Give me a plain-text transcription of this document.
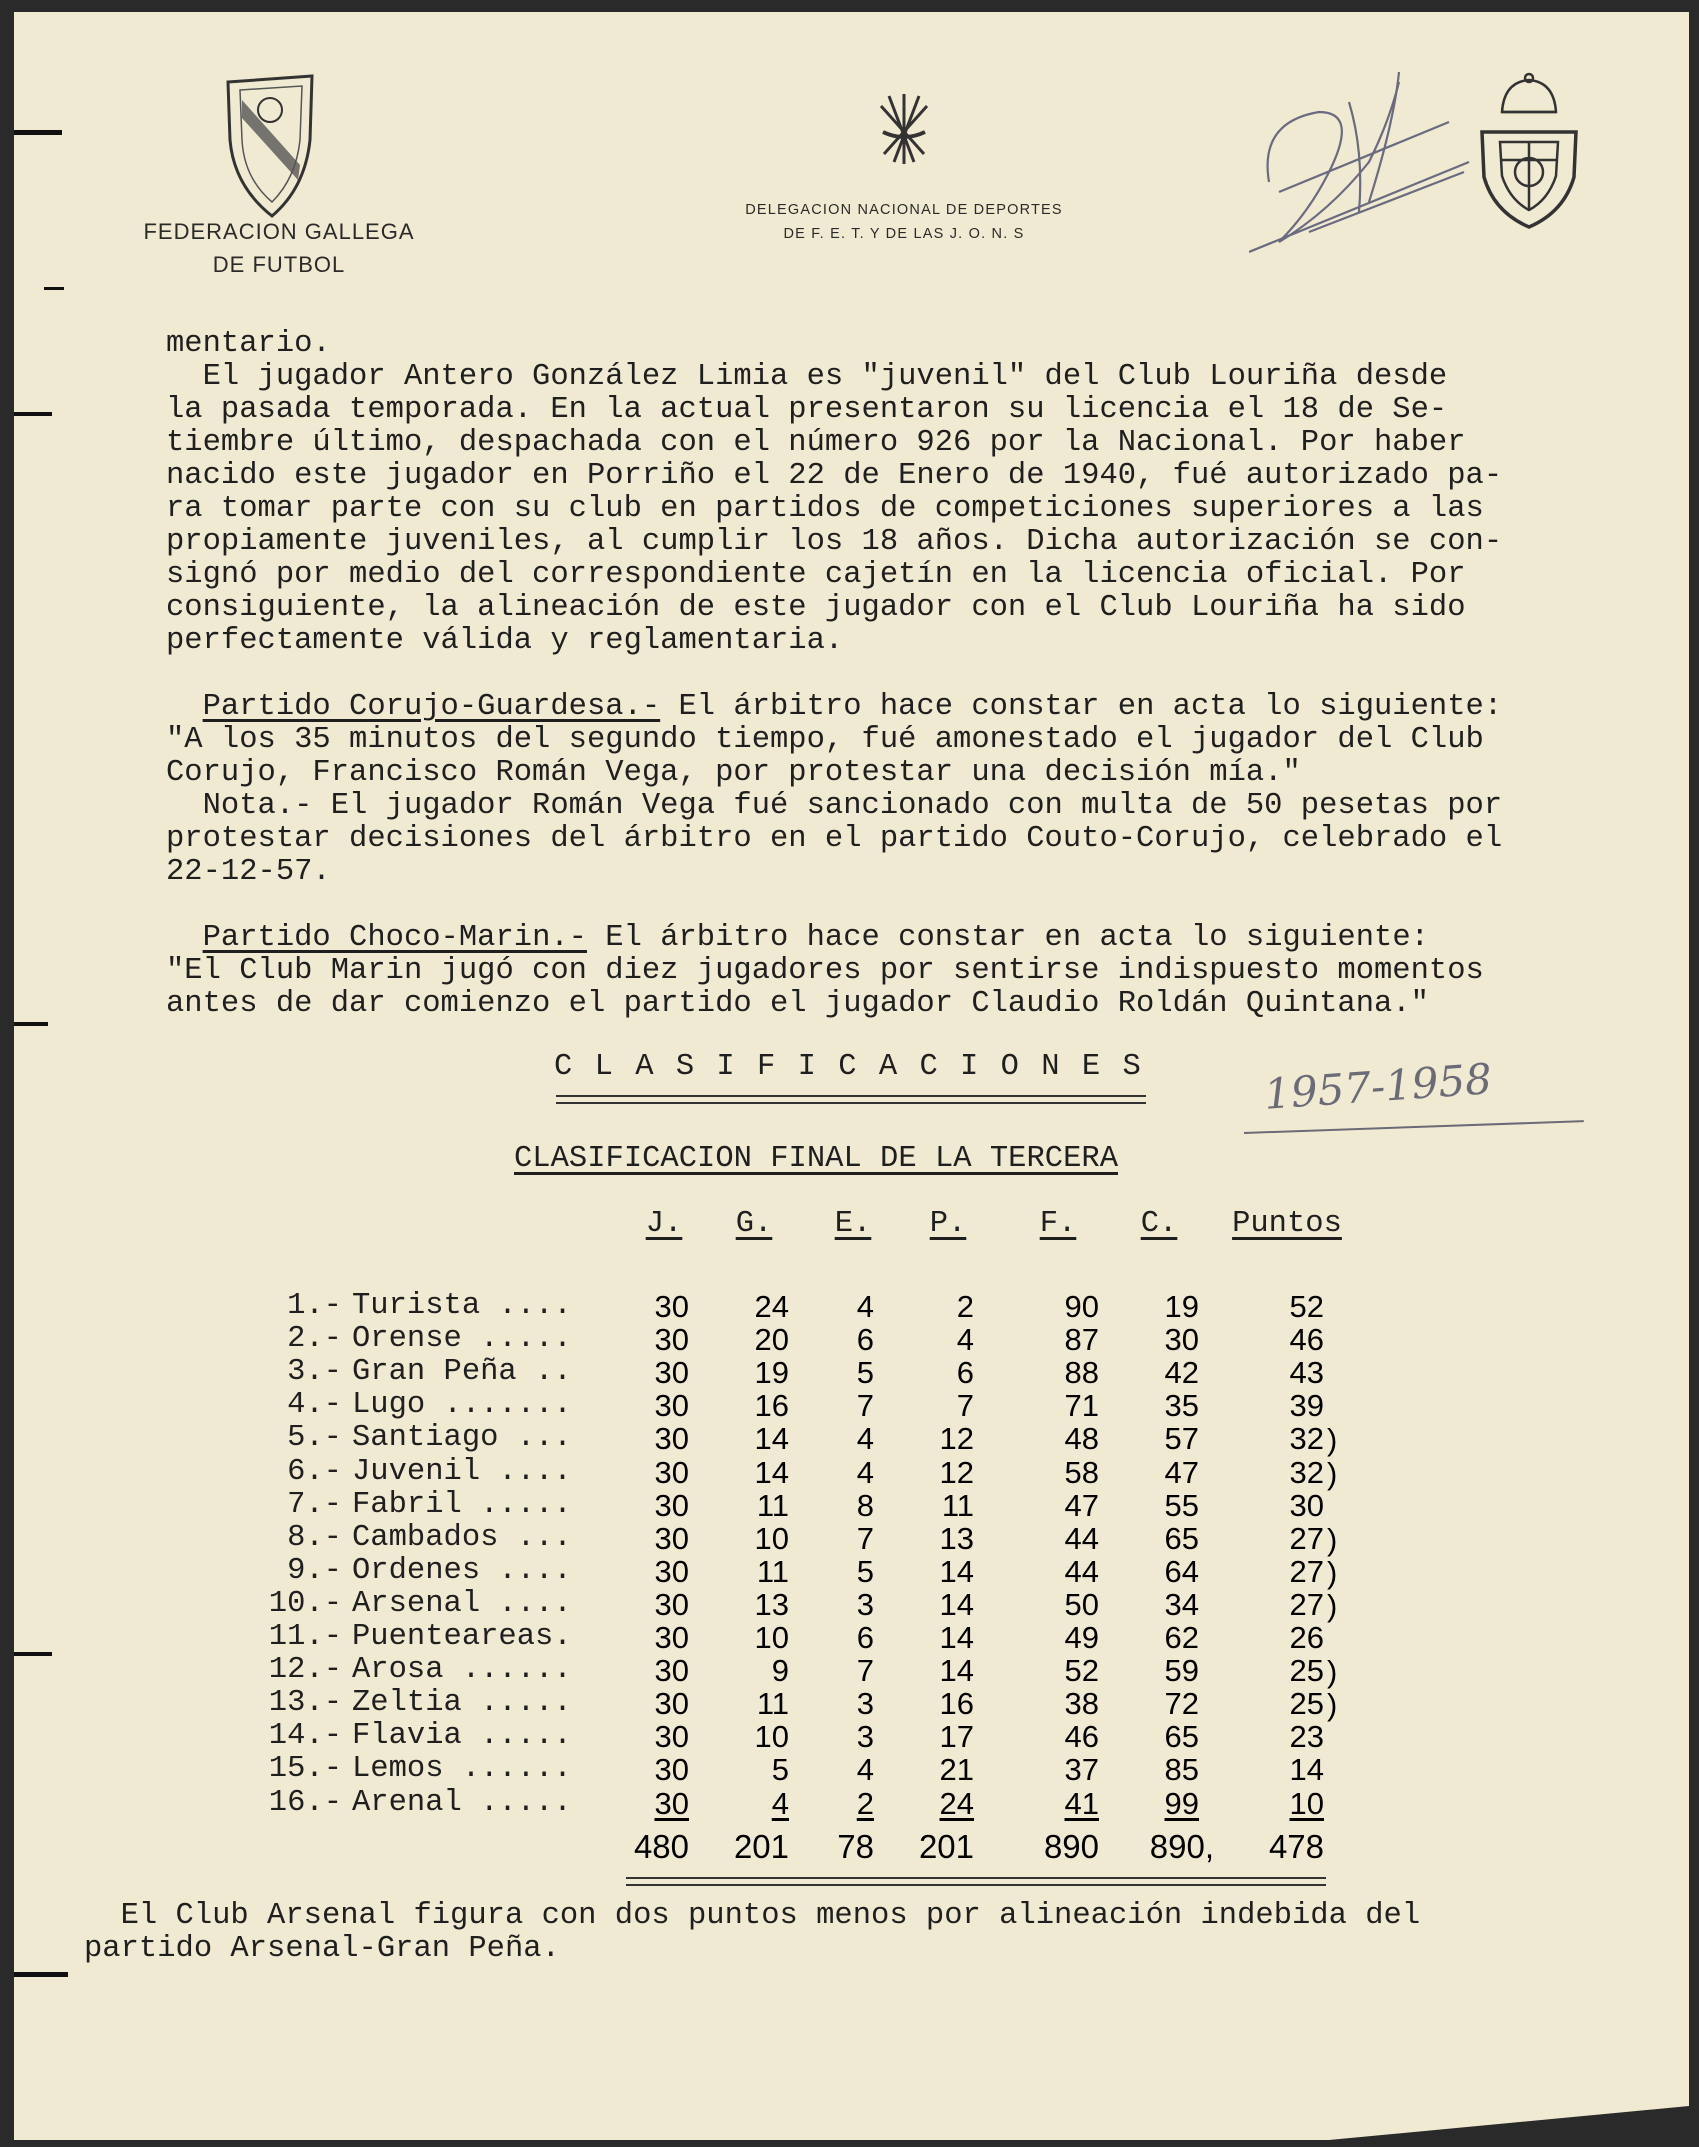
FEDERACION GALLEGA
DE FUTBOL
DELEGACION NACIONAL DE DEPORTES
DE F. E. T. Y DE LAS J. O. N. S
mentario.
El jugador Antero González Limia es "juvenil" del Club Louriña desde
la pasada temporada. En la actual presentaron su licencia el 18 de Se-
tiembre último, despachada con el número 926 por la Nacional. Por haber
nacido este jugador en Porriño el 22 de Enero de 1940, fué autorizado pa-
ra tomar parte con su club en partidos de competiciones superiores a las
propiamente juveniles, al cumplir los 18 años. Dicha autorización se con-
signó por medio del correspondiente cajetín en la licencia oficial. Por
consiguiente, la alineación de este jugador con el Club Louriña ha sido
perfectamente válida y reglamentaria.
Partido Corujo-Guardesa.- El árbitro hace constar en acta lo siguiente:
"A los 35 minutos del segundo tiempo, fué amonestado el jugador del Club
Corujo, Francisco Román Vega, por protestar una decisión mía."
Nota.- El jugador Román Vega fué sancionado con multa de 50 pesetas por
protestar decisiones del árbitro en el partido Couto-Corujo, celebrado el
22-12-57.
Partido Choco-Marin.- El árbitro hace constar en acta lo siguiente:
"El Club Marin jugó con diez jugadores por sentirse indispuesto momentos
antes de dar comienzo el partido el jugador Claudio Roldán Quintana."
C L A S I F I C A C I O N E S	1957-1958
CLASIFICACION FINAL DE LA TERCERA
J.	G.	E.	P.	F.	C.	Puntos
1.- Turista ....	30	24	4	2	90	19	52
2.- Orense .....	30	20	6	4	87	30	46
3.- Gran Peña ..	30	19	5	6	88	42	43
4.- Lugo .......	30	16	7	7	71	35	39
5.- Santiago ...	30	14	4	12	48	57	32 )
6.- Juvenil ....	30	14	4	12	58	47	32 )
7.- Fabril .....	30	11	8	11	47	55	30
8.- Cambados ...	30	10	7	13	44	65	27 )
9.- Ordenes ....	30	11	5	14	44	64	27 )
10.- Arsenal ....	30	13	3	14	50	34	27 )
11.- Puenteareas.	30	10	6	14	49	62	26
12.- Arosa ......	30	9	7	14	52	59	25 )
13.- Zeltia .....	30	11	3	16	38	72	25 )
14.- Flavia .....	30	10	3	17	46	65	23
15.- Lemos ......	30	5	4	21	37	85	14
16.- Arenal .....	30	4	2	24	41	99	10
480	201	78	201	890	890,	478
El Club Arsenal figura con dos puntos menos por alineación indebida del
partido Arsenal-Gran Peña.
